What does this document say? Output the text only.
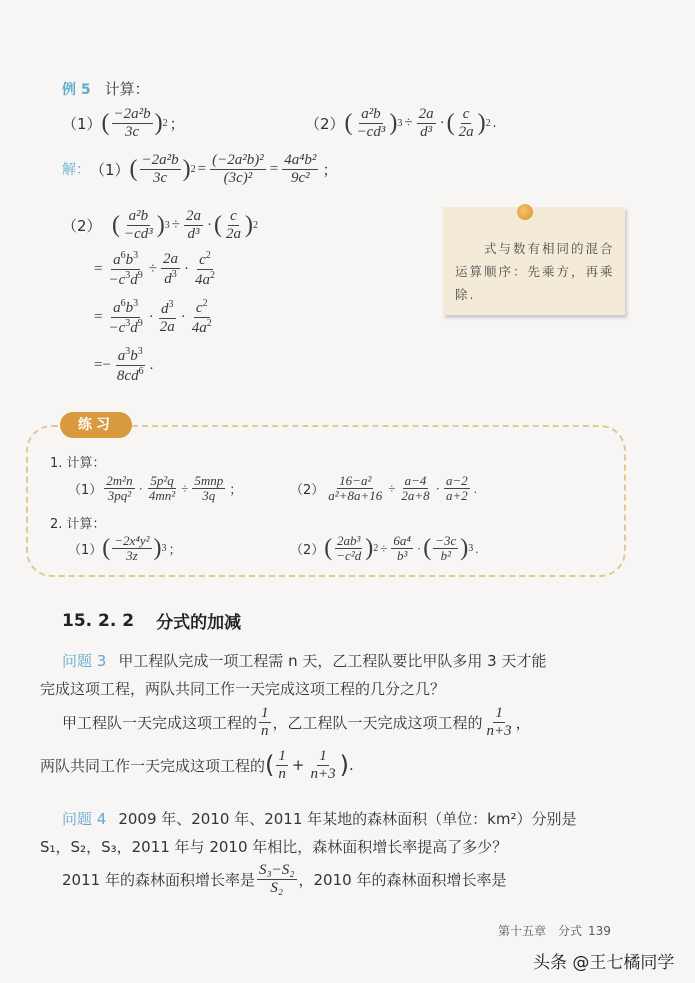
例 5 计算：
（1） ( $\frac{\text{−2a²b}}{3c}$ ) 2 ；	（2） ( $\frac{\text{a²b}}{\text{−cd³}}$ ) $3 \div \frac{2a}{\text{d³}}$ · ( $\frac{c}{2a}$ ) 2 .
解： （1） ( $\frac{\text{−2a²b}}{3c}$ ) $2 = \frac{\text{(−2a²b)²}}{\text{(3c)²}} = \frac{\text{4a⁴b²}}{\text{9c²}}$ ；
（2） ( $\frac{\text{a²b}}{\text{−cd³}}$ ) $3 \div \frac{2a}{\text{d³}}$ · ( $\frac{c}{2a}$ ) 2
= $\frac{a^6b^3}{-c^3d^9} \div \frac{2a}{d^3} \cdot \frac{c^2}{4a^2}$
= $\frac{a^6b^3}{-c^3d^9} \cdot \frac{d^3}{2a} \cdot \frac{c^2}{4a^2}$
=− $\frac{a^3b^3}{8cd^6}$ .
　　式与数有相同的混合运算顺序：先乘方，再乘除.
练习
1. 计算：
$(1) \frac{\text{2m²n}}{\text{3pq²}} \cdot \frac{\text{5p²q}}{\text{4mn²}} \div \frac{\text{5mnp}}{3q}$ ；	$(2) \frac{\text{16−a²}}{\text{a²+8a+16}} \div \frac{a-4}{2a+8} \cdot \frac{a-2}{a+2}$ .
2. 计算：
（1） ( $\frac{\text{−2x⁴y²}}{3z}$ ) 3 ；	（2） ( $\frac{\text{2ab³}}{\text{−c²d}}$ ) $2 \div \frac{\text{6a⁴}}{\text{b³}}$ · ( $\frac{-3c}{\text{b²}}$ ) 3 .
15. 2. 2 分式的加减
问题 3 甲工程队完成一项工程需 n 天，乙工程队要比甲队多用 3 天才能
完成这项工程，两队共同工作一天完成这项工程的几分之几？
甲工程队一天完成这项工程的 $\frac{1}{n}$ ，乙工程队一天完成这项工程的 $\frac{1}{n+3}$ ，
两队共同工作一天完成这项工程的 ( $\frac{1}{n} + \frac{1}{n+3}$ ) .
问题 4 2009 年、2010 年、2011 年某地的森林面积（单位：km²）分别是
S₁，S₂，S₃，2011 年与 2010 年相比，森林面积增长率提高了多少？
2011 年的森林面积增长率是 $\frac{\text{S₃−S₂}}{\text{S₂}}$ ，2010 年的森林面积增长率是
第十五章　分式 139
头条 @王七橘同学
